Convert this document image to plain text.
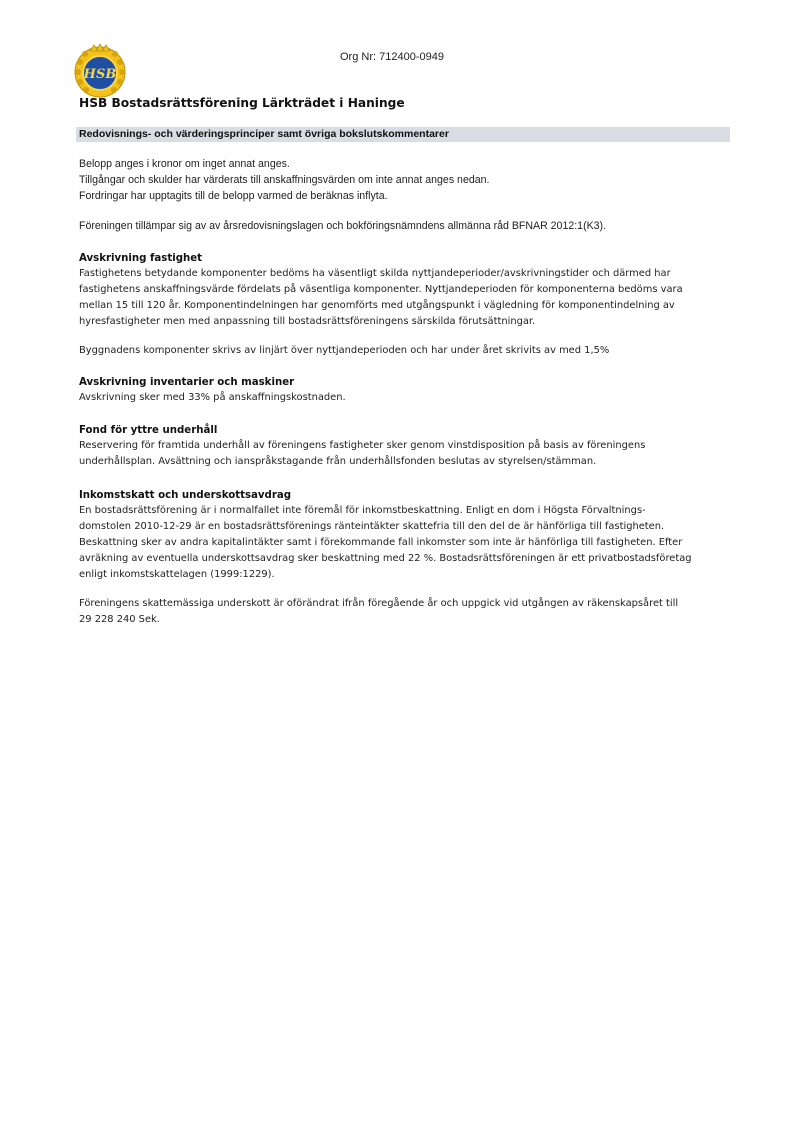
HSB
Org Nr: 712400-0949
HSB Bostadsrättsförening Lärkträdet i Haninge
Redovisnings- och värderingsprinciper samt övriga bokslutskommentarer
Belopp anges i kronor om inget annat anges.
Tillgångar och skulder har värderats till anskaffningsvärden om inte annat anges nedan.
Fordringar har upptagits till de belopp varmed de beräknas inflyta.
Föreningen tillämpar sig av av årsredovisningslagen och bokföringsnämndens allmänna råd BFNAR 2012:1(K3).
Avskrivning fastighet
Fastighetens betydande komponenter bedöms ha väsentligt skilda nyttjandeperioder/avskrivningstider och därmed har
fastighetens anskaffningsvärde fördelats på väsentliga komponenter. Nyttjandeperioden för komponenterna bedöms vara
mellan 15 till 120 år. Komponentindelningen har genomförts med utgångspunkt i vägledning för komponentindelning av
hyresfastigheter men med anpassning till bostadsrättsföreningens särskilda förutsättningar.
Byggnadens komponenter skrivs av linjärt över nyttjandeperioden och har under året skrivits av med 1,5%
Avskrivning inventarier och maskiner
Avskrivning sker med 33% på anskaffningskostnaden.
Fond för yttre underhåll
Reservering för framtida underhåll av föreningens fastigheter sker genom vinstdisposition på basis av föreningens
underhållsplan. Avsättning och ianspråkstagande från underhållsfonden beslutas av styrelsen/stämman.
Inkomstskatt och underskottsavdrag
En bostadsrättsförening är i normalfallet inte föremål för inkomstbeskattning. Enligt en dom i Högsta Förvaltnings-
domstolen 2010-12-29 är en bostadsrättsförenings ränteintäkter skattefria till den del de är hänförliga till fastigheten.
Beskattning sker av andra kapitalintäkter samt i förekommande fall inkomster som inte är hänförliga till fastigheten. Efter
avräkning av eventuella underskottsavdrag sker beskattning med 22 %. Bostadsrättsföreningen är ett privatbostadsföretag
enligt inkomstskattelagen (1999:1229).
Föreningens skattemässiga underskott är oförändrat ifrån föregående år och uppgick vid utgången av räkenskapsåret till
29 228 240 Sek.
